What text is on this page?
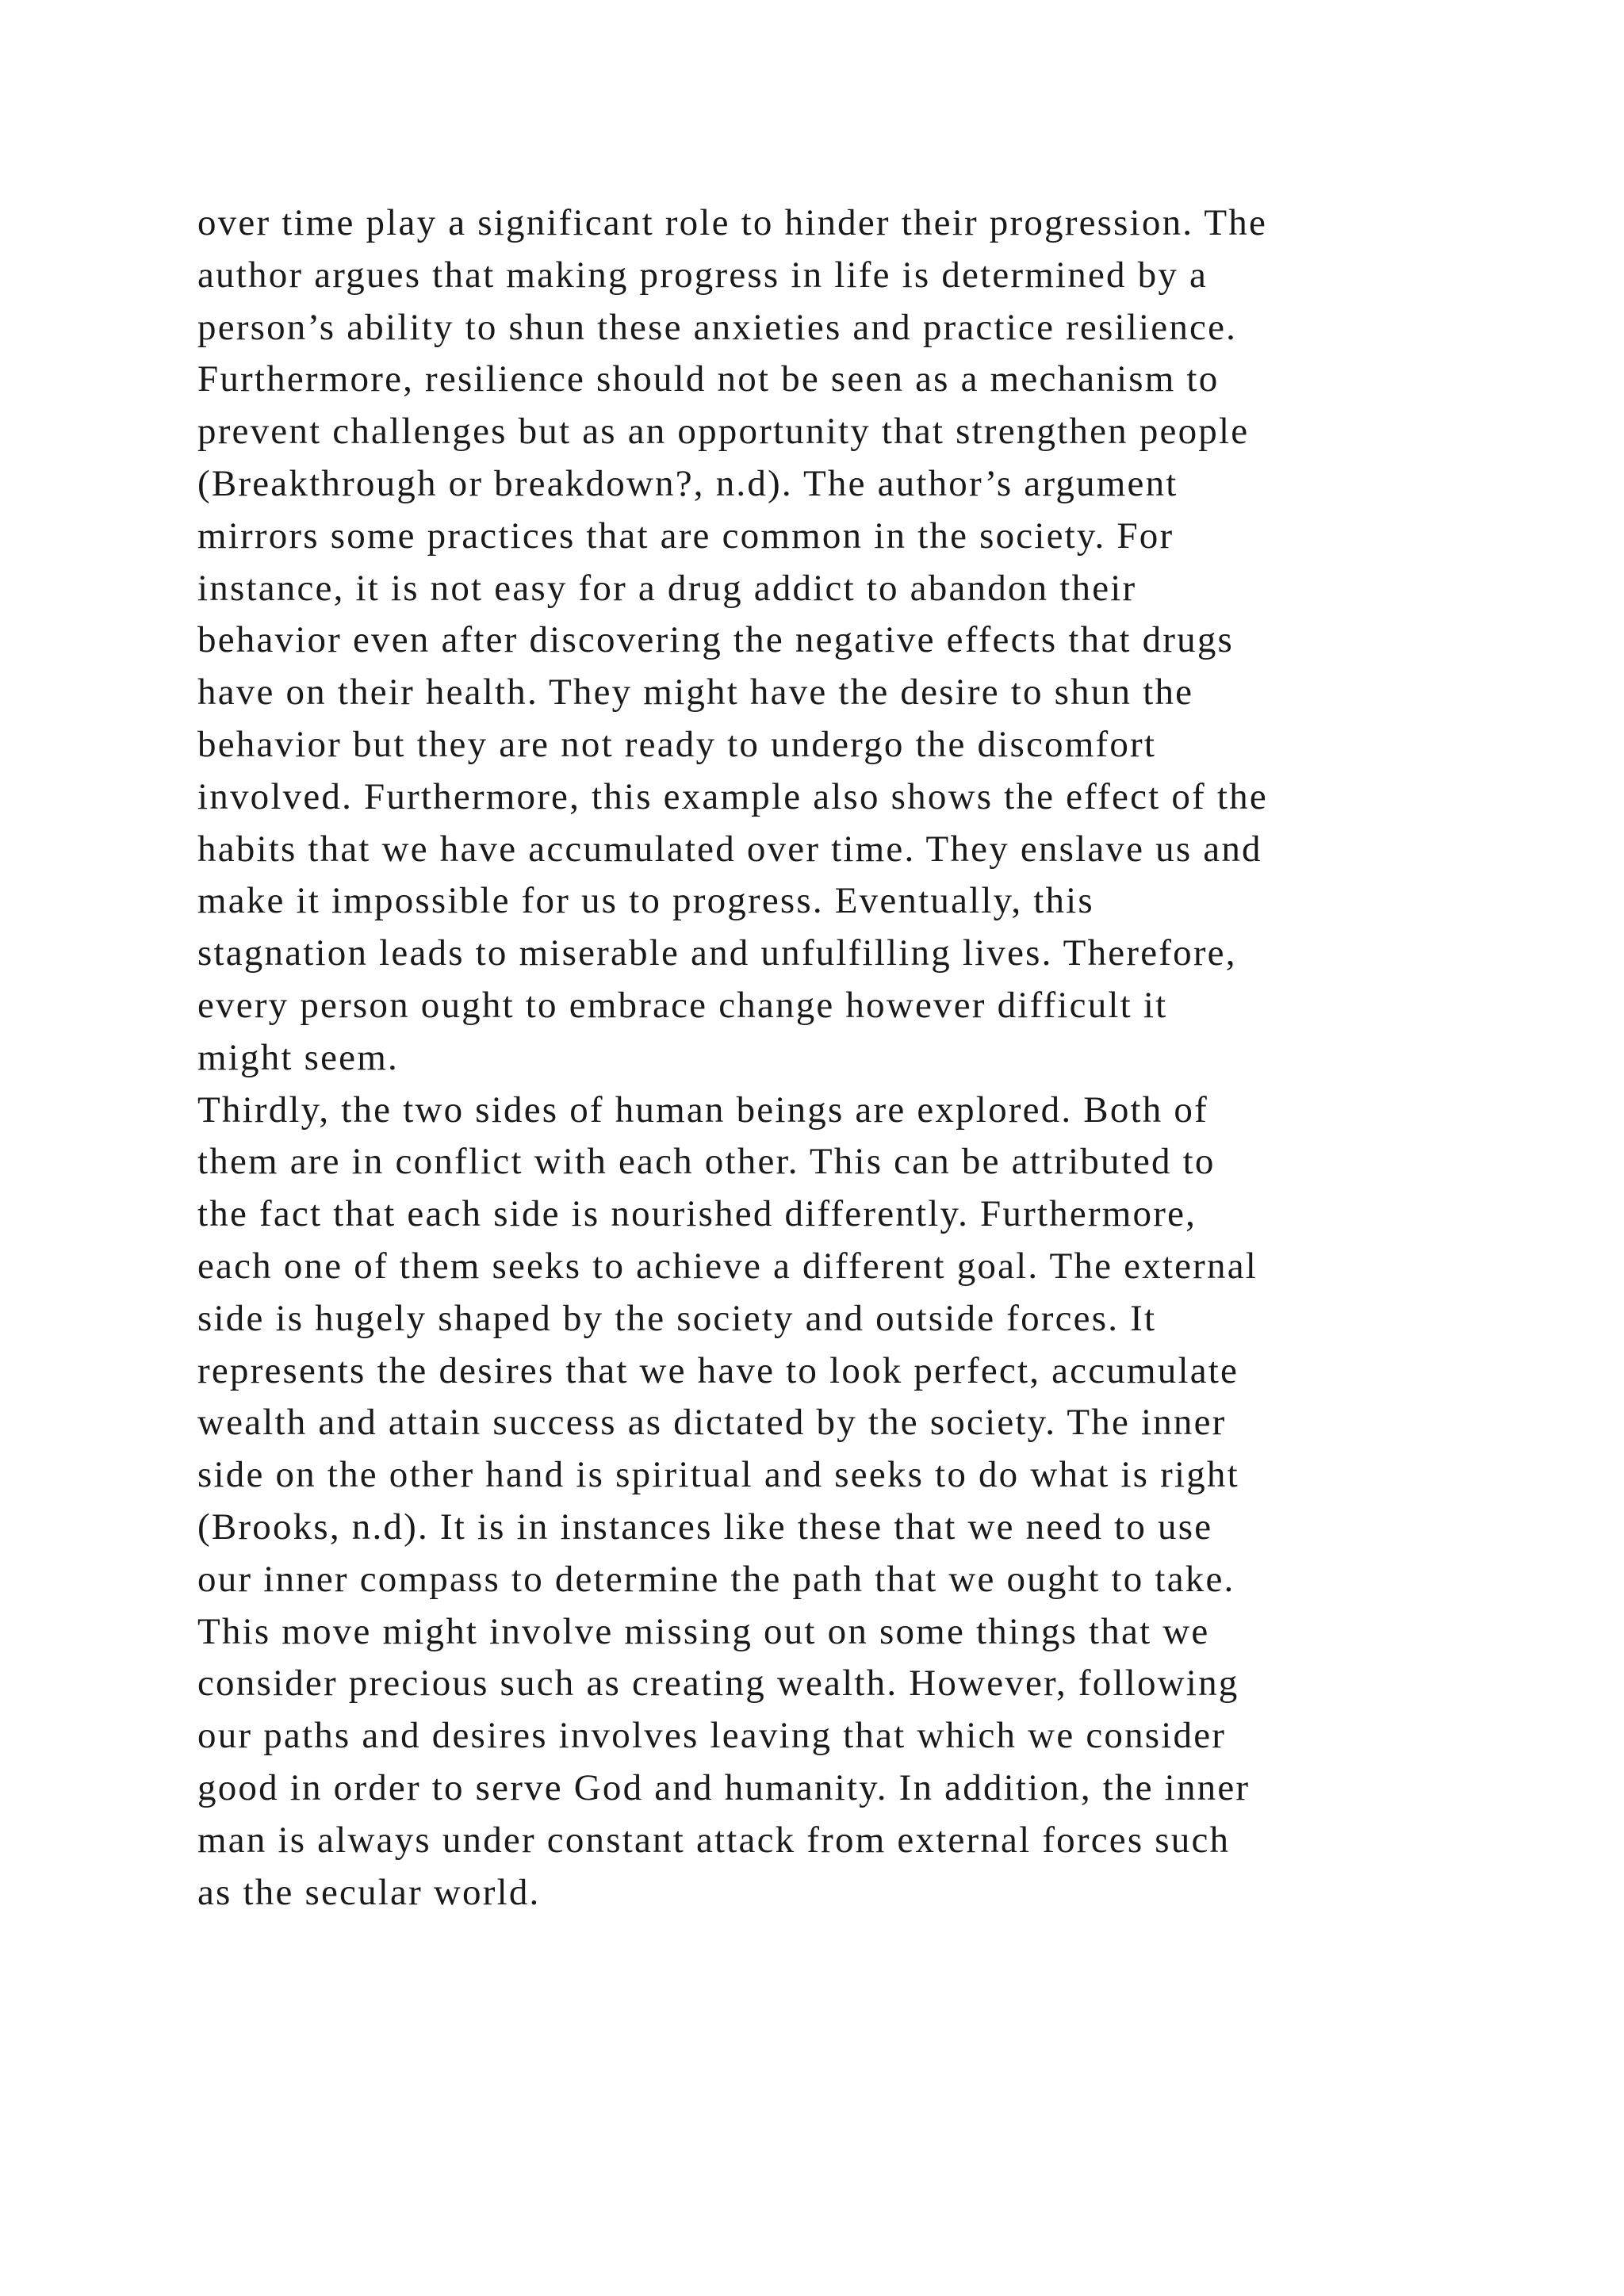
over time play a significant role to hinder their progression. The
author argues that making progress in life is determined by a
person’s ability to shun these anxieties and practice resilience.
Furthermore, resilience should not be seen as a mechanism to
prevent challenges but as an opportunity that strengthen people
(Breakthrough or breakdown?, n.d). The author’s argument
mirrors some practices that are common in the society. For
instance, it is not easy for a drug addict to abandon their
behavior even after discovering the negative effects that drugs
have on their health. They might have the desire to shun the
behavior but they are not ready to undergo the discomfort
involved. Furthermore, this example also shows the effect of the
habits that we have accumulated over time. They enslave us and
make it impossible for us to progress. Eventually, this
stagnation leads to miserable and unfulfilling lives. Therefore,
every person ought to embrace change however difficult it
might seem.
Thirdly, the two sides of human beings are explored. Both of
them are in conflict with each other. This can be attributed to
the fact that each side is nourished differently. Furthermore,
each one of them seeks to achieve a different goal. The external
side is hugely shaped by the society and outside forces. It
represents the desires that we have to look perfect, accumulate
wealth and attain success as dictated by the society. The inner
side on the other hand is spiritual and seeks to do what is right
(Brooks, n.d). It is in instances like these that we need to use
our inner compass to determine the path that we ought to take.
This move might involve missing out on some things that we
consider precious such as creating wealth. However, following
our paths and desires involves leaving that which we consider
good in order to serve God and humanity. In addition, the inner
man is always under constant attack from external forces such
as the secular world.
